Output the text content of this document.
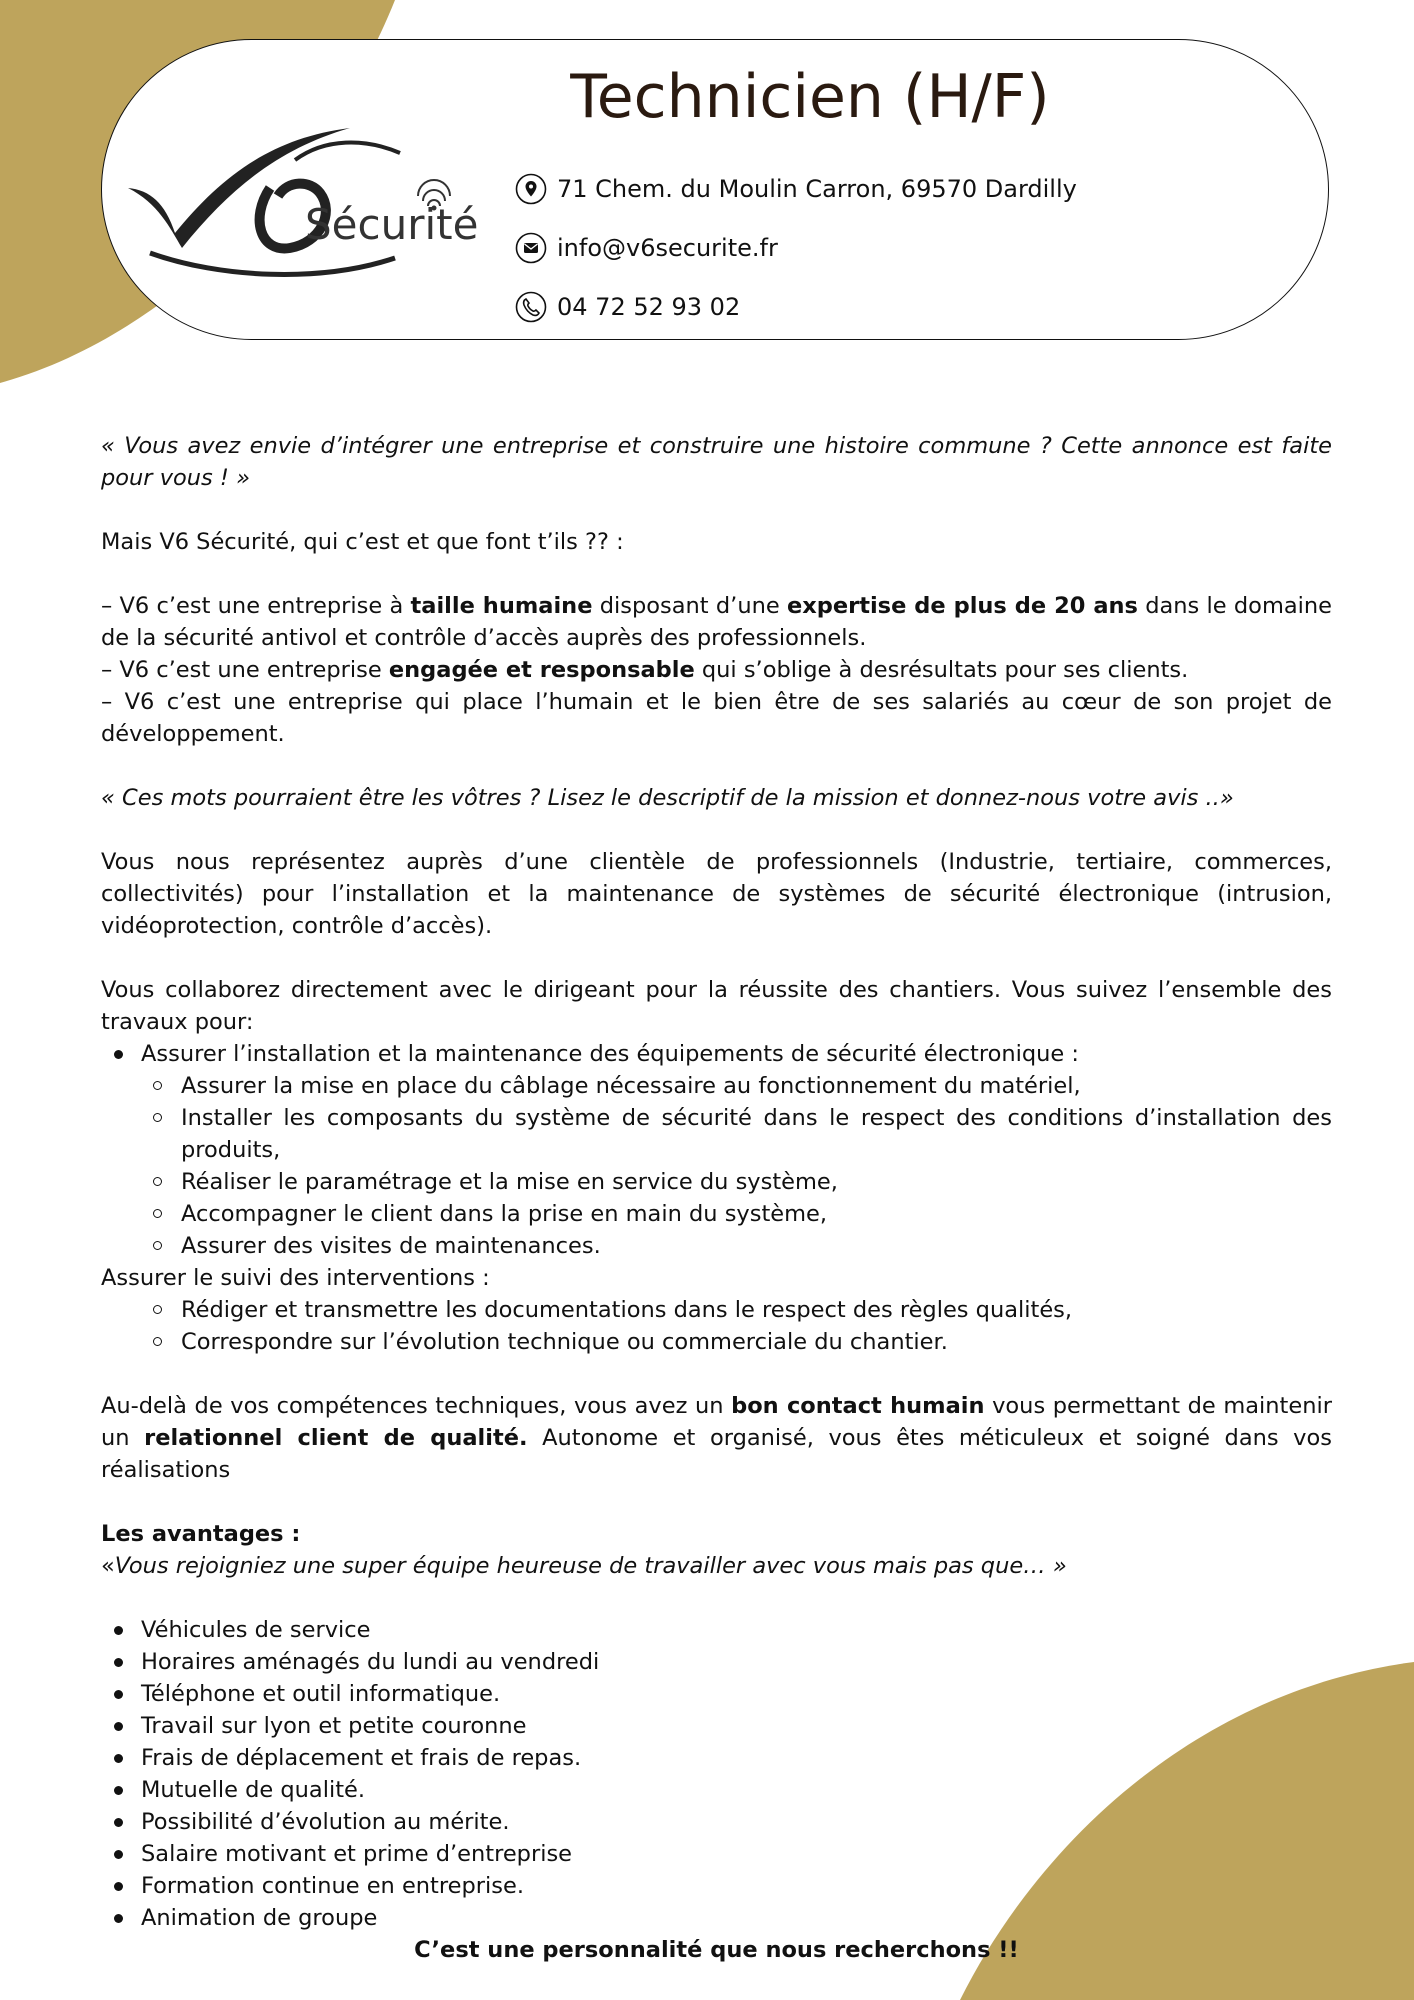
Sécurité
Technicien (H/F)
71 Chem. du Moulin Carron, 69570 Dardilly
info@v6securite.fr
04 72 52 93 02

« Vous avez envie d’intégrer une entreprise et construire une histoire commune ? Cette annonce est faite pour vous ! »

Mais V6 Sécurité, qui c’est et que font t’ils ?? :

– V6 c’est une entreprise à taille humaine disposant d’une expertise de plus de 20 ans dans le domaine de la sécurité antivol et contrôle d’accès auprès des professionnels.

– V6 c’est une entreprise engagée et responsable qui s’oblige à desrésultats pour ses clients.

– V6 c’est une entreprise qui place l’humain et le bien être de ses salariés au cœur de son projet de développement.

« Ces mots pourraient être les vôtres ? Lisez le descriptif de la mission et donnez-nous votre avis ..»

Vous nous représentez auprès d’une clientèle de professionnels (Industrie, tertiaire, commerces, collectivités) pour l’installation et la maintenance de systèmes de sécurité électronique (intrusion, vidéoprotection, contrôle d’accès).

Vous collaborez directement avec le dirigeant pour la réussite des chantiers. Vous suivez l’ensemble des travaux pour:

Assurer l’installation et la maintenance des équipements de sécurité électronique :
Assurer la mise en place du câblage nécessaire au fonctionnement du matériel,
Installer les composants du système de sécurité dans le respect des conditions d’installation des produits,
Réaliser le paramétrage et la mise en service du système,
Accompagner le client dans la prise en main du système,
Assurer des visites de maintenances.

Assurer le suivi des interventions :

Rédiger et transmettre les documentations dans le respect des règles qualités,
Correspondre sur l’évolution technique ou commerciale du chantier.

Au-delà de vos compétences techniques, vous avez un bon contact humain vous permettant de maintenir un relationnel client de qualité. Autonome et organisé, vous êtes méticuleux et soigné dans vos réalisations

Les avantages :

«Vous rejoigniez une super équipe heureuse de travailler avec vous mais pas que… »

Véhicules de service
Horaires aménagés du lundi au vendredi
Téléphone et outil informatique.
Travail sur lyon et petite couronne
Frais de déplacement et frais de repas.
Mutuelle de qualité.
Possibilité d’évolution au mérite.
Salaire motivant et prime d’entreprise
Formation continue en entreprise.
Animation de groupe

C’est une personnalité que nous recherchons !!
